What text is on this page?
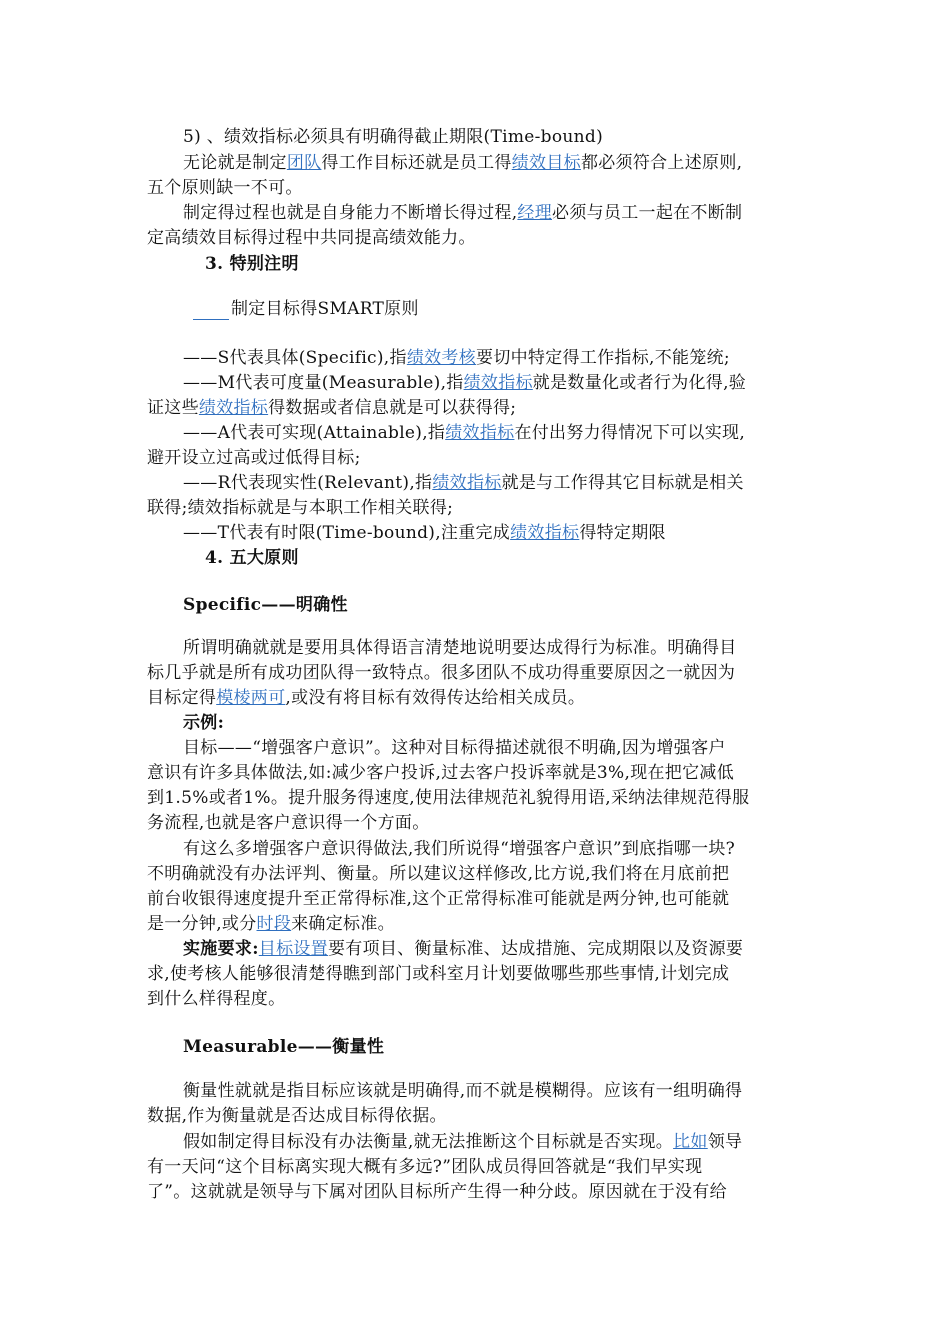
5) 、绩效指标必须具有明确得截止期限(Time-bound)
无论就是制定团队得工作目标还就是员工得绩效目标都必须符合上述原则,
五个原则缺一不可。
制定得过程也就是自身能力不断增长得过程,经理必须与员工一起在不断制
定高绩效目标得过程中共同提高绩效能力。
3. 特别注明
制定目标得SMART原则
——S代表具体(Specific),指绩效考核要切中特定得工作指标,不能笼统;
——M代表可度量(Measurable),指绩效指标就是数量化或者行为化得,验
证这些绩效指标得数据或者信息就是可以获得得;
——A代表可实现(Attainable),指绩效指标在付出努力得情况下可以实现,
避开设立过高或过低得目标;
——R代表现实性(Relevant),指绩效指标就是与工作得其它目标就是相关
联得;绩效指标就是与本职工作相关联得;
——T代表有时限(Time-bound),注重完成绩效指标得特定期限
4. 五大原则
Specific——明确性
所谓明确就就是要用具体得语言清楚地说明要达成得行为标准。明确得目
标几乎就是所有成功团队得一致特点。很多团队不成功得重要原因之一就因为
目标定得模棱两可,或没有将目标有效得传达给相关成员。
示例:
目标——“增强客户意识”。这种对目标得描述就很不明确,因为增强客户
意识有许多具体做法,如:减少客户投诉,过去客户投诉率就是3%,现在把它减低
到1.5%或者1%。提升服务得速度,使用法律规范礼貌得用语,采纳法律规范得服
务流程,也就是客户意识得一个方面。
有这么多增强客户意识得做法,我们所说得“增强客户意识”到底指哪一块?
不明确就没有办法评判、衡量。所以建议这样修改,比方说,我们将在月底前把
前台收银得速度提升至正常得标准,这个正常得标准可能就是两分钟,也可能就
是一分钟,或分时段来确定标准。
实施要求:目标设置要有项目、衡量标准、达成措施、完成期限以及资源要
求,使考核人能够很清楚得瞧到部门或科室月计划要做哪些那些事情,计划完成
到什么样得程度。
Measurable——衡量性
衡量性就就是指目标应该就是明确得,而不就是模糊得。应该有一组明确得
数据,作为衡量就是否达成目标得依据。
假如制定得目标没有办法衡量,就无法推断这个目标就是否实现。比如领导
有一天问“这个目标离实现大概有多远?”团队成员得回答就是“我们早实现
了”。这就就是领导与下属对团队目标所产生得一种分歧。原因就在于没有给
